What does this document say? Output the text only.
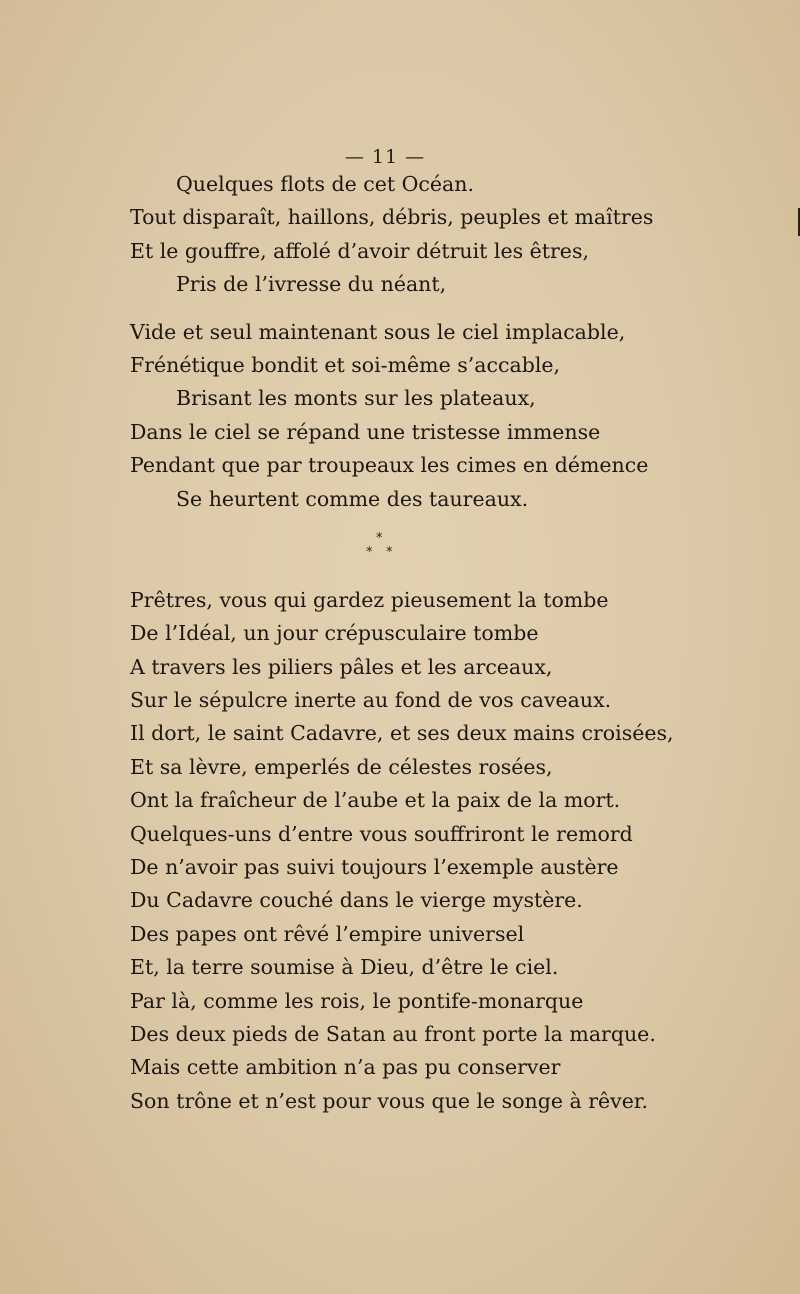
— 11 —
Quelques flots de cet Océan.
Tout disparaît, haillons, débris, peuples et maîtres
Et le gouffre, affolé d’avoir détruit les êtres,
Pris de l’ivresse du néant,
Vide et seul maintenant sous le ciel implacable,
Frénétique bondit et soi-même s’accable,
Brisant les monts sur les plateaux,
Dans le ciel se répand une tristesse immense
Pendant que par troupeaux les cimes en démence
Se heurtent comme des taureaux.
*
* *
Prêtres, vous qui gardez pieusement la tombe
De l’Idéal, un jour crépusculaire tombe
A travers les piliers pâles et les arceaux,
Sur le sépulcre inerte au fond de vos caveaux.
Il dort, le saint Cadavre, et ses deux mains croisées,
Et sa lèvre, emperlés de célestes rosées,
Ont la fraîcheur de l’aube et la paix de la mort.
Quelques-uns d’entre vous souffriront le remord
De n’avoir pas suivi toujours l’exemple austère
Du Cadavre couché dans le vierge mystère.
Des papes ont rêvé l’empire universel
Et, la terre soumise à Dieu, d’être le ciel.
Par là, comme les rois, le pontife-monarque
Des deux pieds de Satan au front porte la marque.
Mais cette ambition n’a pas pu conserver
Son trône et n’est pour vous que le songe à rêver.
